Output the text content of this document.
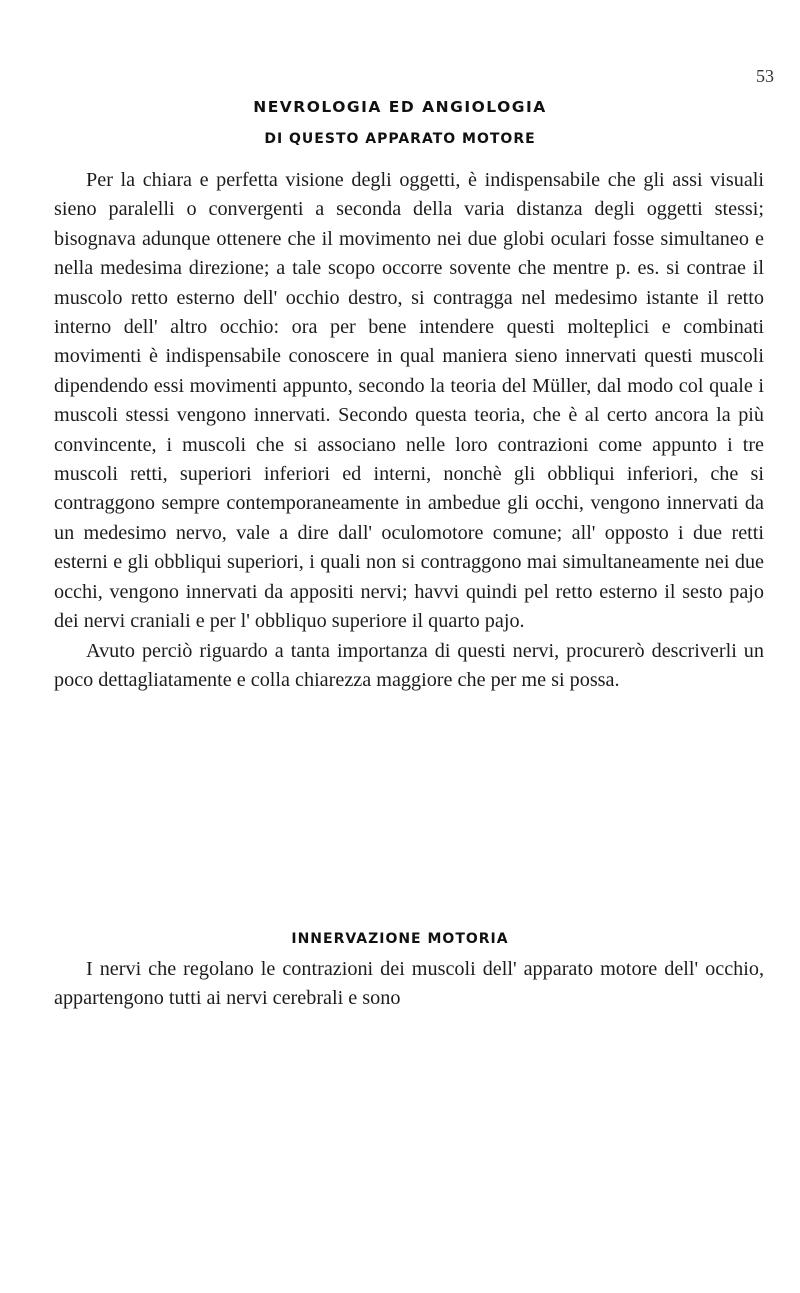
53
NEVROLOGIA ED ANGIOLOGIA
DI QUESTO APPARATO MOTORE

Per la chiara e perfetta visione degli oggetti, è indispensabile che gli assi visuali sieno paralelli o convergenti a seconda della varia distanza degli oggetti stessi; bisognava adunque ottenere che il movimento nei due globi oculari fosse simultaneo e nella medesima direzione; a tale scopo occorre sovente che mentre p. es. si contrae il muscolo retto esterno dell' occhio destro, si contragga nel medesimo istante il retto interno dell' altro occhio: ora per bene intendere questi molteplici e combinati movimenti è indispensabile conoscere in qual maniera sieno innervati questi muscoli dipendendo essi movimenti appunto, secondo la teoria del Müller, dal modo col quale i muscoli stessi vengono innervati. Secondo questa teoria, che è al certo ancora la più convincente, i muscoli che si associano nelle loro contrazioni come appunto i tre muscoli retti, superiori inferiori ed interni, nonchè gli obbliqui inferiori, che si contraggono sempre contemporaneamente in ambedue gli occhi, vengono innervati da un medesimo nervo, vale a dire dall' oculomotore comune; all' opposto i due retti esterni e gli obbliqui superiori, i quali non si contraggono mai simultaneamente nei due occhi, vengono innervati da appositi nervi; havvi quindi pel retto esterno il sesto pajo dei nervi craniali e per l' obbliquo superiore il quarto pajo.

Avuto perciò riguardo a tanta importanza di questi nervi, procurerò descriverli un poco dettagliatamente e colla chiarezza maggiore che per me si possa.

INNERVAZIONE MOTORIA

I nervi che regolano le contrazioni dei muscoli dell' apparato motore dell' occhio, appartengono tutti ai nervi cerebrali e sono
